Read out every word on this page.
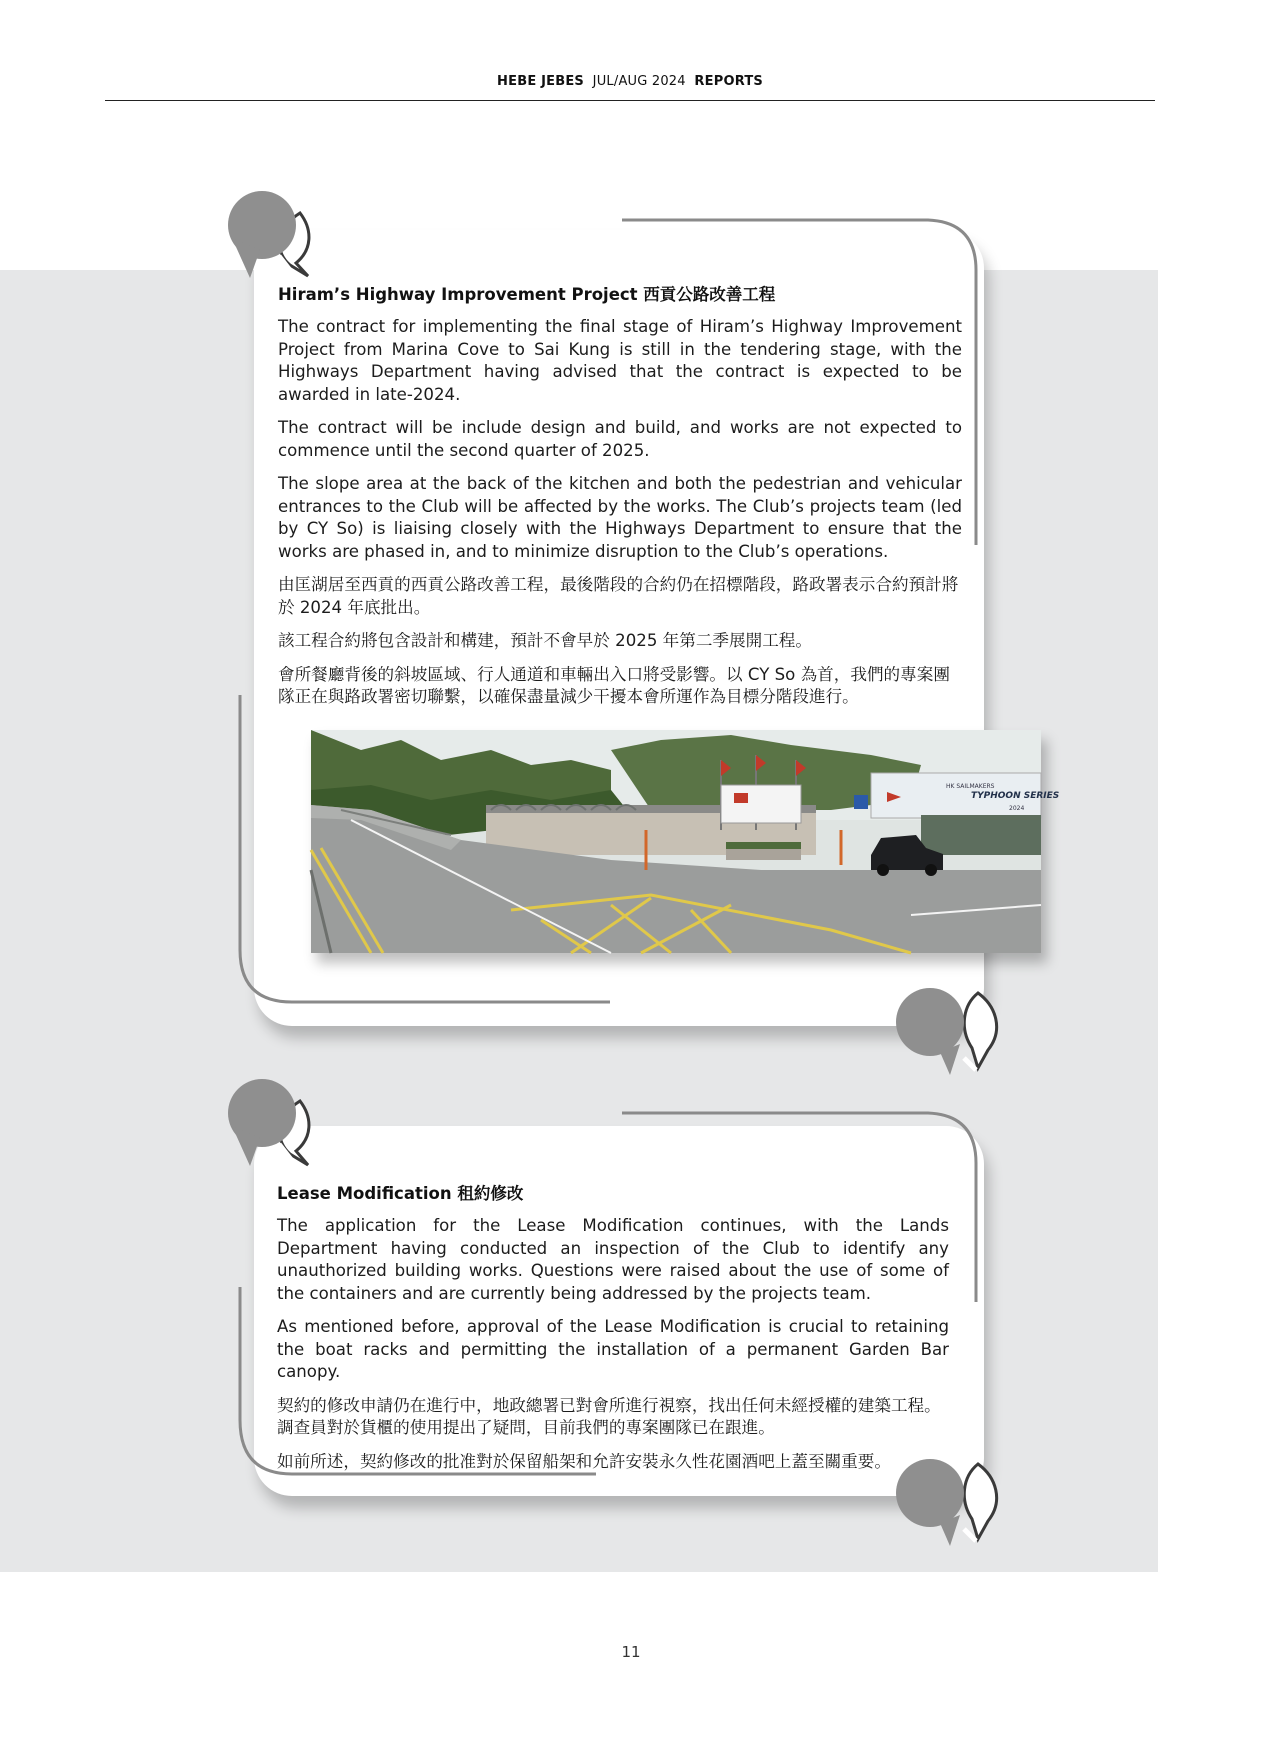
HEBE JEBES JUL/AUG 2024 REPORTS
Hiram’s Highway Improvement Project 西貢公路改善工程

The contract for implementing the final stage of Hiram’s Highway Improvement Project from Marina Cove to Sai Kung is still in the tendering stage, with the Highways Department having advised that the contract is expected to be awarded in late-2024.

The contract will be include design and build, and works are not expected to commence until the second quarter of 2025.

The slope area at the back of the kitchen and both the pedestrian and vehicular entrances to the Club will be affected by the works. The Club’s projects team (led by CY So) is liaising closely with the Highways Department to ensure that the works are phased in, and to minimize disruption to the Club’s operations.

由匡湖居至西貢的西貢公路改善工程，最後階段的合約仍在招標階段，路政署表示合約預計將於 2024 年底批出。

該工程合約將包含設計和構建，預計不會早於 2025 年第二季展開工程。

會所餐廳背後的斜坡區域、行人通道和車輛出入口將受影響。以 CY So 為首，我們的專案團隊正在與路政署密切聯繫，以確保盡量減少干擾本會所運作為目標分階段進行。

HK SAILMAKERS
TYPHOON SERIES
2024
Lease Modification 租約修改

The application for the Lease Modification continues, with the Lands Department having conducted an inspection of the Club to identify any unauthorized building works. Questions were raised about the use of some of the containers and are currently being addressed by the projects team.

As mentioned before, approval of the Lease Modification is crucial to retaining the boat racks and permitting the installation of a permanent Garden Bar canopy.

契約的修改申請仍在進行中，地政總署已對會所進行視察，找出任何未經授權的建築工程。調查員對於貨櫃的使用提出了疑問，目前我們的專案團隊已在跟進。

如前所述，契約修改的批准對於保留船架和允許安裝永久性花園酒吧上蓋至關重要。

11
